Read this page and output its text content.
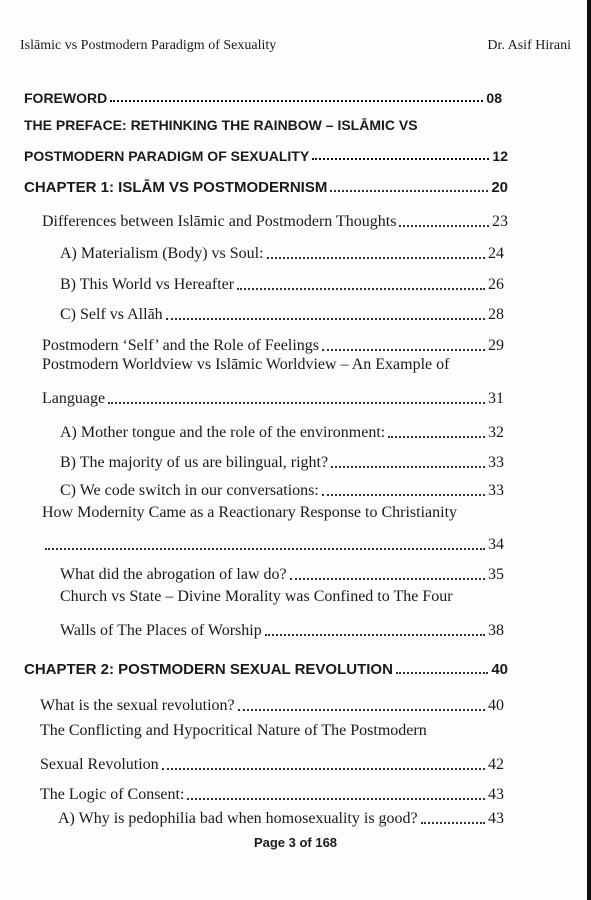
Islāmic vs Postmodern Paradigm of Sexuality	Dr. Asif Hirani
FOREWORD	08
THE PREFACE: RETHINKING THE RAINBOW – ISLĀMIC VS
POSTMODERN PARADIGM OF SEXUALITY	12
CHAPTER 1: ISLĀM VS POSTMODERNISM	20
Differences between Islāmic and Postmodern Thoughts	23
A) Materialism (Body) vs Soul:	24
B) This World vs Hereafter	26
C) Self vs Allāh	28
Postmodern ‘Self’ and the Role of Feelings	29
Postmodern Worldview vs Islāmic Worldview – An Example of
Language	31
A) Mother tongue and the role of the environment:	32
B) The majority of us are bilingual, right?	33
C) We code switch in our conversations:	33
How Modernity Came as a Reactionary Response to Christianity
34
What did the abrogation of law do?	35
Church vs State – Divine Morality was Confined to The Four
Walls of The Places of Worship	38
CHAPTER 2: POSTMODERN SEXUAL REVOLUTION	40
What is the sexual revolution?	40
The Conflicting and Hypocritical Nature of The Postmodern
Sexual Revolution	42
The Logic of Consent:	43
A) Why is pedophilia bad when homosexuality is good?	43
Page 3 of 168
